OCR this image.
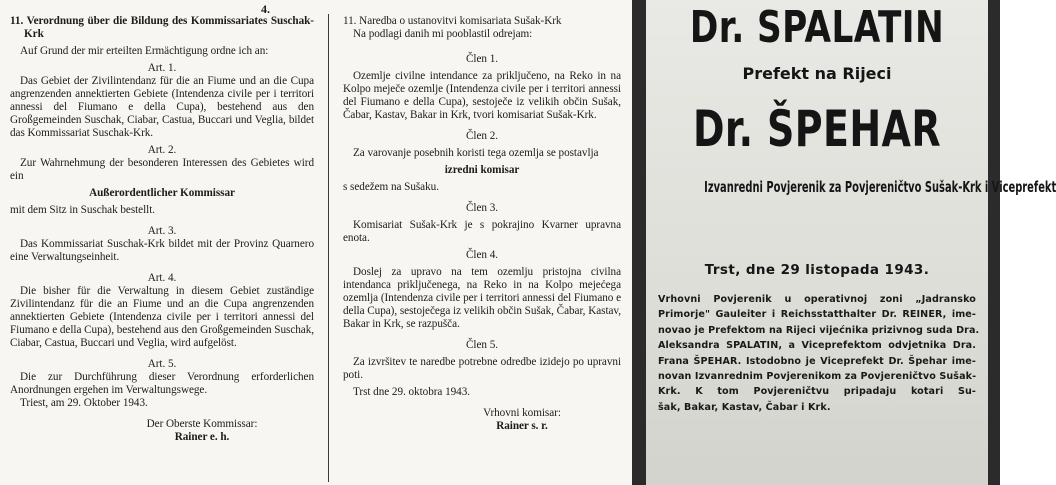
4.

11. Verordnung über die Bildung des Kommissariates Suschak-Krk

Auf Grund der mir erteilten Ermächtigung ordne ich an:

Art. 1.

Das Gebiet der Zivilintendanz für die an Fiume und an die Cupa angrenzenden annektierten Gebiete (Intendenza civile per i territori annessi del Fiumano e della Cupa), bestehend aus den Großgemeinden Suschak, Ciabar, Castua, Buccari und Veglia, bildet das Kommissariat Suschak-Krk.

Art. 2.

Zur Wahrnehmung der besonderen Interessen des Gebietes wird ein

Außerordentlicher Kommissar

mit dem Sitz in Suschak bestellt.

Art. 3.

Das Kommissariat Suschak-Krk bildet mit der Provinz Quarnero eine Verwaltungseinheit.

Art. 4.

Die bisher für die Verwaltung in diesem Gebiet zuständige Zivilintendanz für die an Fiume und an die Cupa angrenzenden annektierten Gebiete (Intendenza civile per i territori annessi del Fiumano e della Cupa), bestehend aus den Großgemeinden Suschak, Ciabar, Castua, Buccari und Veglia, wird aufgelöst.

Art. 5.

Die zur Durchführung dieser Verordnung erforderlichen Anordnungen ergehen im Verwaltungswege.

Triest, am 29. Oktober 1943.

Der Oberste Kommissar:

Rainer e. h.

11. Naredba o ustanovitvi komisariata Sušak-Krk

Na podlagi danih mi pooblastil odrejam:

Člen 1.

Ozemlje civilne intendance za priključeno, na Reko in na Kolpo meječe ozemlje (Intendenza civile per i territori annessi del Fiumano e della Cupa), sestoječe iz velikih občin Sušak, Čabar, Kastav, Bakar in Krk, tvori komisariat Sušak-Krk.

Člen 2.

Za varovanje posebnih koristi tega ozemlja se postavlja

izredni komisar

s sedežem na Sušaku.

Člen 3.

Komisariat Sušak-Krk je s pokrajino Kvarner upravna enota.

Člen 4.

Doslej za upravo na tem ozemlju pristojna civilna intendanca priključenega, na Reko in na Kolpo mejećega ozemlja (Intendenza civile per i territori annessi del Fiumano e della Cupa), sestoječega iz velikih občin Sušak, Čabar, Kastav, Bakar in Krk, se razpušča.

Člen 5.

Za izvršitev te naredbe potrebne odredbe izidejo po upravni poti.

Trst dne 29. oktobra 1943.

Vrhovni komisar:

Rainer s. r.

Dr. SPALATIN
Prefekt na Rijeci
Dr. ŠPEHAR
Izvanredni Povjerenik za Povjereničtvo Sušak-Krk i Viceprefekt
Trst, dne 29 listopada 1943.
Vrhovni Povjerenik u operativnoj zoni „Jadransko
Primorje" Gauleiter i Reichsstatthalter Dr. REINER, ime-
novao je Prefektom na Rijeci vijećnika prizivnog suda Dra.
Aleksandra SPALATIN, a Viceprefektom odvjetnika Dra.
Frana ŠPEHAR. Istodobno je Viceprefekt Dr. Špehar ime-
novan Izvanrednim Povjerenikom za Povjereničtvo Sušak-
Krk. K tom Povjereničtvu pripadaju kotari Su-
šak, Bakar, Kastav, Čabar i Krk.
